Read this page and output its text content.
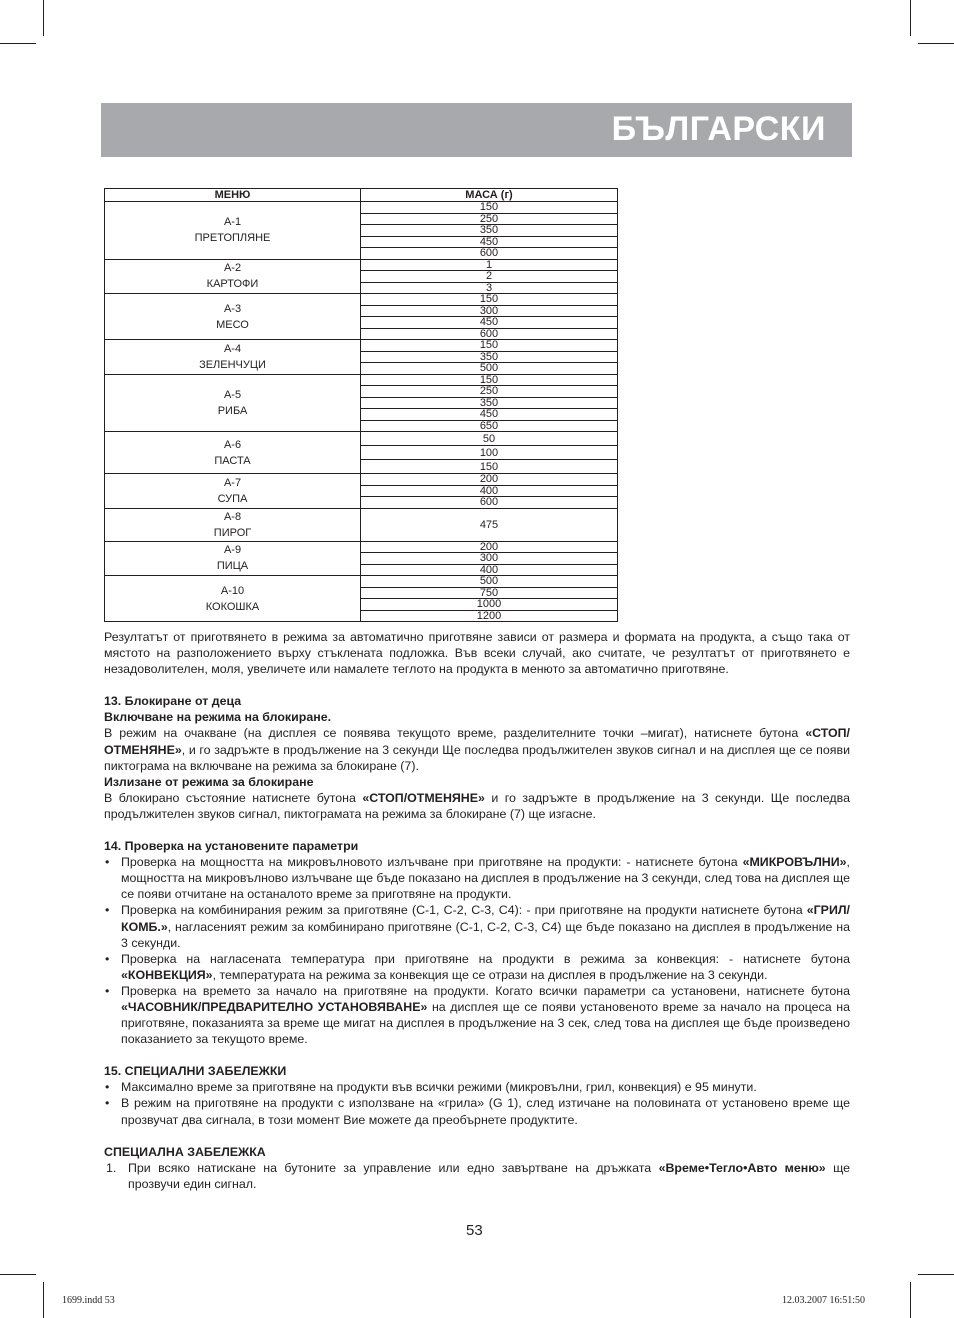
БЪЛГАРСКИ
МЕНЮ	МАСА (г)

А-1
ПРЕТОПЛЯНЕ	150
	250
	350
	450
	600

А-2
КАРТОФИ	1
	2
	3

А-3
МЕСО	150
	300
	450
	600

А-4
ЗЕЛЕНЧУЦИ	150
	350
	500

А-5
РИБА	150
	250
	350
	450
	650

А-6
ПАСТА	50
	100
	150

А-7
СУПА	200
	400
	600

А-8
ПИРОГ	475

А-9
ПИЦА	200
	300
	400

А-10
КОКОШКА	500
	750
	1000
	1200

Резултатът от приготвянето в режима за автоматично приготвяне зависи от размера и формата на продукта, а също така от мястото на разположението върху стъклената подложка. Във всеки случай, ако считате, че резултатът от приготвянето е незадоволителен, моля, увеличете или намалете теглото на продукта в менюто за автоматично приготвяне.

13. Блокиране от деца

Включване на режима на блокиране.

В режим на очакване (на дисплея се появява текущото време, разделителните точки –мигат), натиснете бутона «СТОП/ОТМЕНЯНЕ», и го задръжте в продължение на 3 секунди Ще последва продължителен звуков сигнал и на дисплея ще се появи пиктограма на включване на режима за блокиране (7).

Излизане от режима за блокиране

В блокирано състояние натиснете бутона «СТОП/ОТМЕНЯНЕ» и го задръжте в продължение на 3 секунди. Ще последва продължителен звуков сигнал, пиктограмата на режима за блокиране (7) ще изгасне.

14. Проверка на установените параметри

• Проверка на мощността на микровълновото излъчване при приготвяне на продукти: - натиснете бутона «МИКРОВЪЛНИ», мощността на микровълново излъчване ще бъде показано на дисплея в продължение на 3 секунди, след това на дисплея ще се появи отчитане на останалото време за приготвяне на продукти.
• Проверка на комбинирания режим за приготвяне (С-1, С-2, С-3, С4): - при приготвяне на продукти натиснете бутона «ГРИЛ/КОМБ.», нагласеният режим за комбинирано приготвяне (С-1, С-2, С-3, С4) ще бъде показано на дисплея в продължение на 3 секунди.
• Проверка на нагласената температура при приготвяне на продукти в режима за конвекция: - натиснете бутона «КОНВЕКЦИЯ», температурата на режима за конвекция ще се отрази на дисплея в продължение на 3 секунди.
• Проверка на времето за начало на приготвяне на продукти. Когато всички параметри са установени, натиснете бутона «ЧАСОВНИК/ПРЕДВАРИТЕЛНО УСТАНОВЯВАНЕ» на дисплея ще се появи установеното време за начало на процеса на приготвяне, показанията за време ще мигат на дисплея в продължение на 3 сек, след това на дисплея ще бъде произведено показанието за текущото време.

15. СПЕЦИАЛНИ ЗАБЕЛЕЖКИ

• Максимално време за приготвяне на продукти във всички режими (микровълни, грил, конвекция) е 95 минути.
• В режим на приготвяне на продукти с използване на «грила» (G 1), след изтичане на половината от установено време ще прозвучат два сигнала, в този момент Вие можете да преобърнете продуктите.

СПЕЦИАЛНА ЗАБЕЛЕЖКА

1. При всяко натискане на бутоните за управление или едно завъртване на дръжката «Време•Тегло•Авто меню» ще прозвучи един сигнал.
53
1699.indd 53	12.03.2007 16:51:50
